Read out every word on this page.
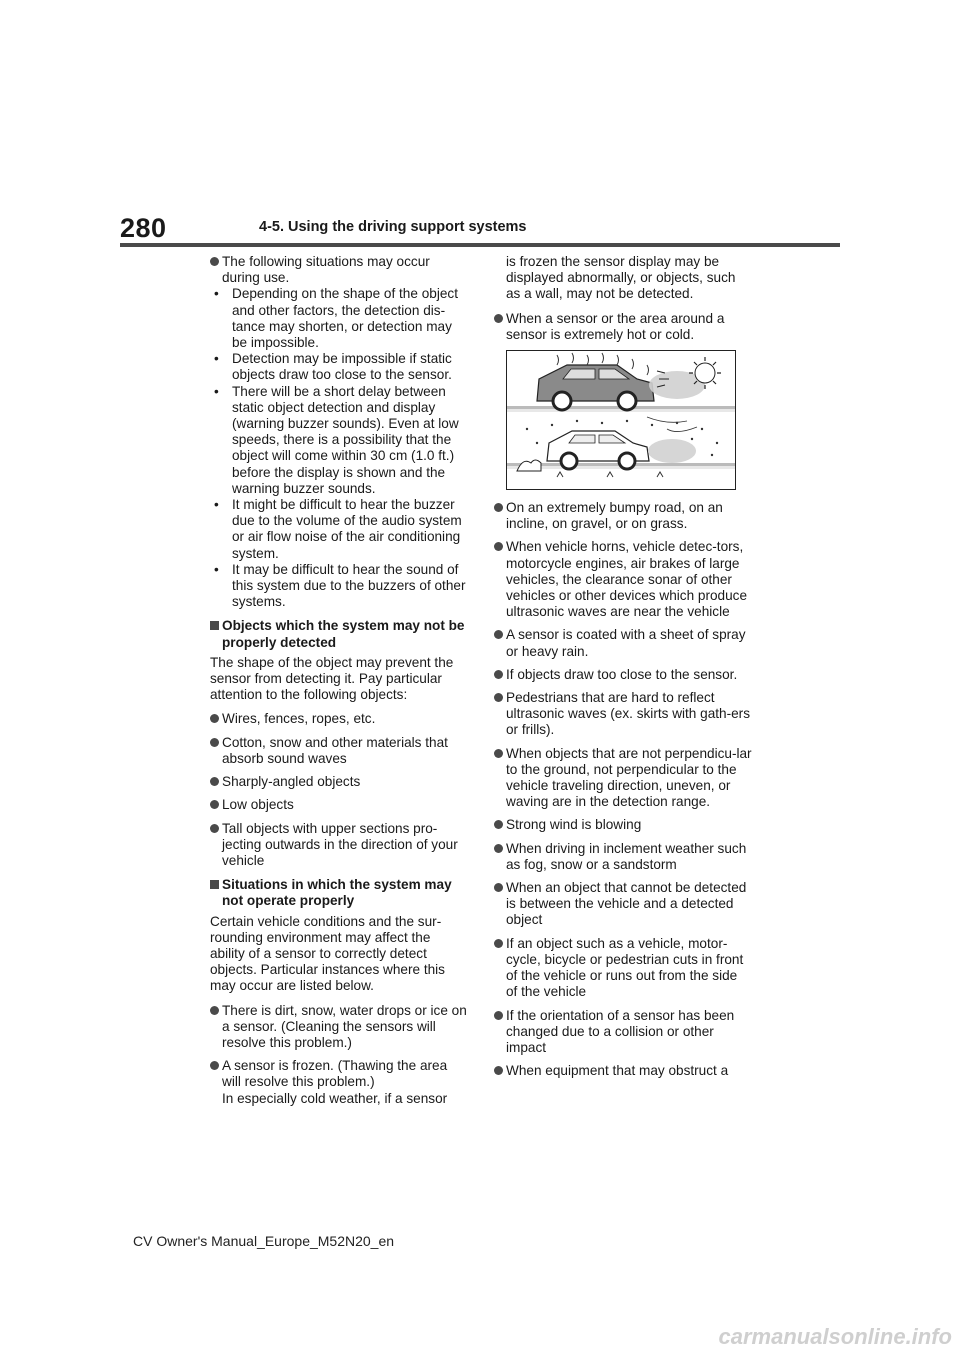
280	4-5. Using the driving support systems
The following situations may occur during use.

• Depending on the shape of the object and other factors, the detection dis-tance may shorten, or detection may be impossible.

• Detection may be impossible if static objects draw too close to the sensor.

• There will be a short delay between static object detection and display (warning buzzer sounds). Even at low speeds, there is a possibility that the object will come within 30 cm (1.0 ft.) before the display is shown and the warning buzzer sounds.

• It might be difficult to hear the buzzer due to the volume of the audio system or air flow noise of the air conditioning system.

• It may be difficult to hear the sound of this system due to the buzzers of other systems.

Objects which the system may not be properly detected

The shape of the object may prevent the sensor from detecting it. Pay particular attention to the following objects:

Wires, fences, ropes, etc.
Cotton, snow and other materials that absorb sound waves
Sharply-angled objects
Low objects
Tall objects with upper sections pro-jecting outwards in the direction of your vehicle
Situations in which the system may not operate properly

Certain vehicle conditions and the sur-rounding environment may affect the ability of a sensor to correctly detect objects. Particular instances where this may occur are listed below.

There is dirt, snow, water drops or ice on a sensor. (Cleaning the sensors will resolve this problem.)
A sensor is frozen. (Thawing the area will resolve this problem.)

In especially cold weather, if a sensor

is frozen the sensor display may be displayed abnormally, or objects, such as a wall, may not be detected.

When a sensor or the area around a sensor is extremely hot or cold.
On an extremely bumpy road, on an incline, on gravel, or on grass.
When vehicle horns, vehicle detec-tors, motorcycle engines, air brakes of large vehicles, the clearance sonar of other vehicles or other devices which produce ultrasonic waves are near the vehicle
A sensor is coated with a sheet of spray or heavy rain.
If objects draw too close to the sensor.
Pedestrians that are hard to reflect ultrasonic waves (ex. skirts with gath-ers or frills).
When objects that are not perpendicu-lar to the ground, not perpendicular to the vehicle traveling direction, uneven, or waving are in the detection range.
Strong wind is blowing
When driving in inclement weather such as fog, snow or a sandstorm
When an object that cannot be detected is between the vehicle and a detected object
If an object such as a vehicle, motor-cycle, bicycle or pedestrian cuts in front of the vehicle or runs out from the side of the vehicle
If the orientation of a sensor has been changed due to a collision or other impact
When equipment that may obstruct a
CV Owner's Manual_Europe_M52N20_en
carmanualsonline.info
